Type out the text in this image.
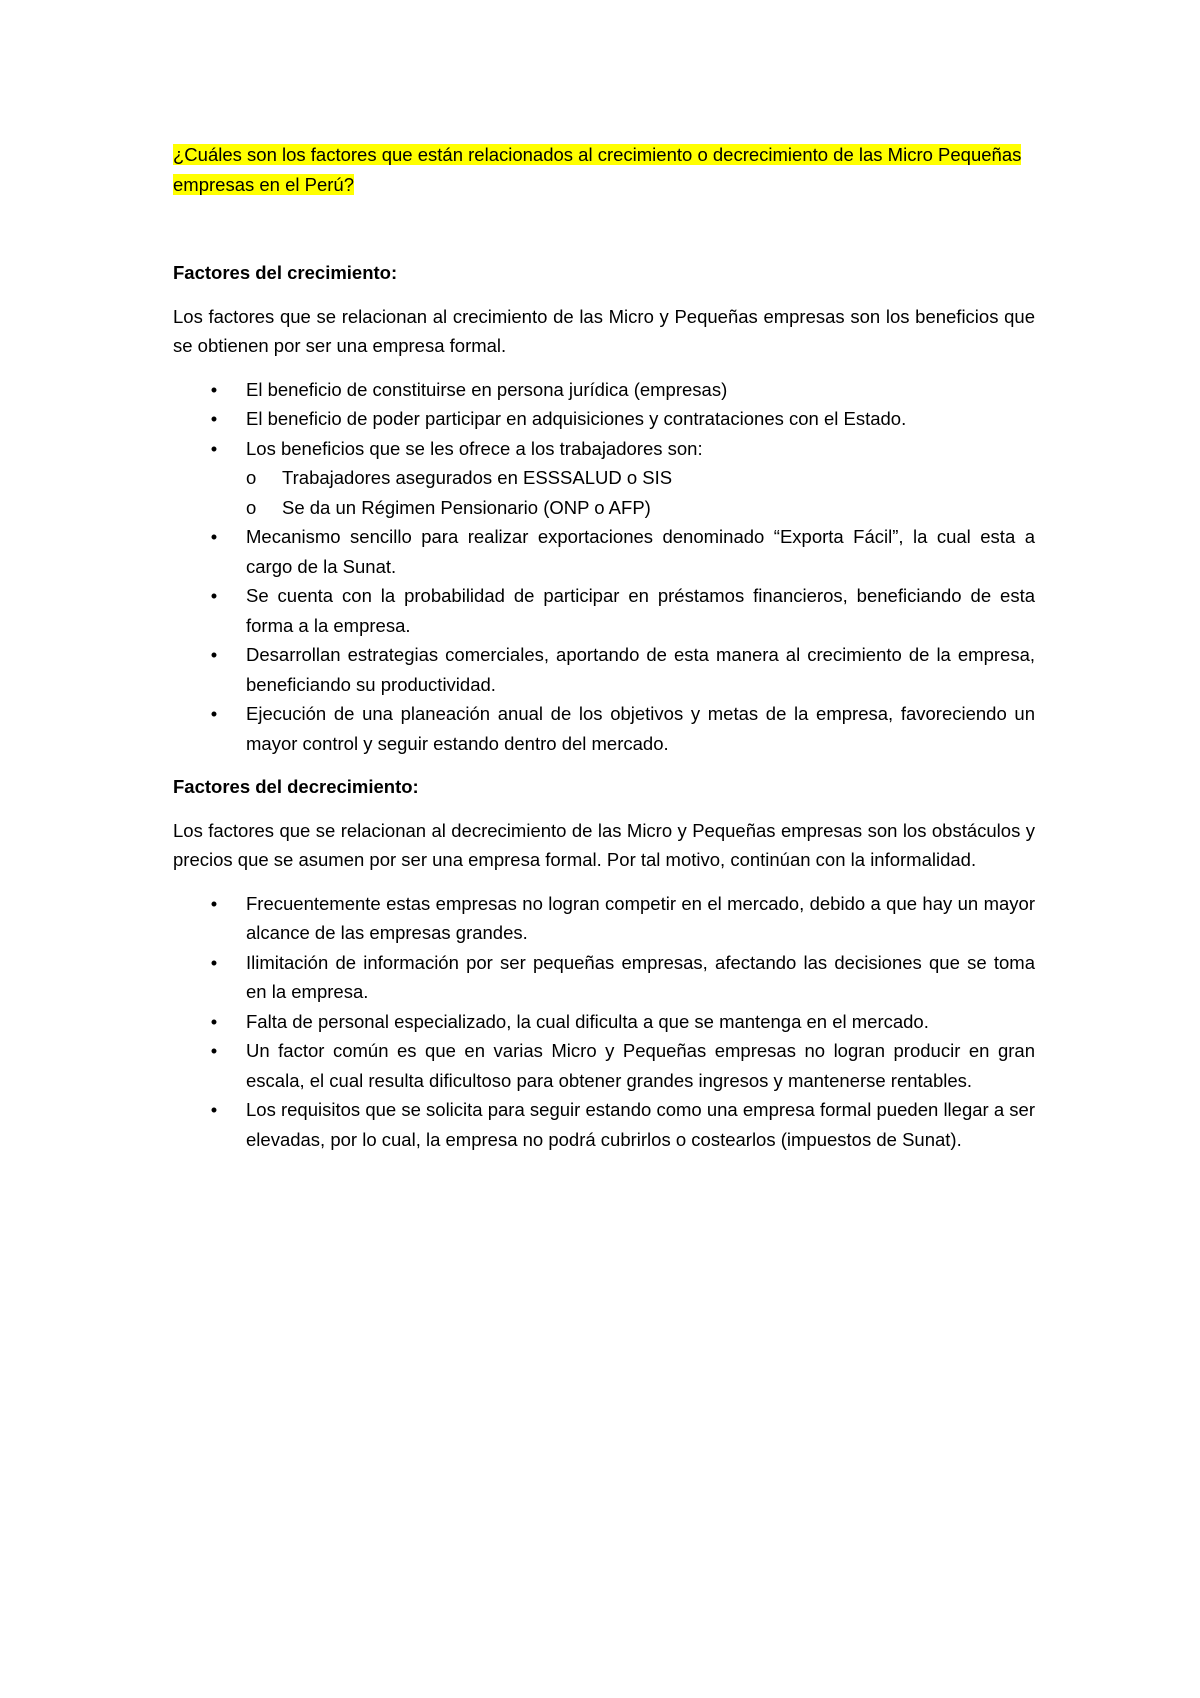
¿Cuáles son los factores que están relacionados al crecimiento o decrecimiento de las Micro Pequeñas empresas en el Perú?

Factores del crecimiento:

Los factores que se relacionan al crecimiento de las Micro y Pequeñas empresas son los beneficios que se obtienen por ser una empresa formal.

• El beneficio de constituirse en persona jurídica (empresas)
• El beneficio de poder participar en adquisiciones y contrataciones con el Estado.
• Los beneficios que se les ofrece a los trabajadores son:
o Trabajadores asegurados en ESSSALUD o SIS
o Se da un Régimen Pensionario (ONP o AFP)
• Mecanismo sencillo para realizar exportaciones denominado “Exporta Fácil”, la cual esta a cargo de la Sunat.
• Se cuenta con la probabilidad de participar en préstamos financieros, beneficiando de esta forma a la empresa.
• Desarrollan estrategias comerciales, aportando de esta manera al crecimiento de la empresa, beneficiando su productividad.
• Ejecución de una planeación anual de los objetivos y metas de la empresa, favoreciendo un mayor control y seguir estando dentro del mercado.
Factores del decrecimiento:

Los factores que se relacionan al decrecimiento de las Micro y Pequeñas empresas son los obstáculos y precios que se asumen por ser una empresa formal. Por tal motivo, continúan con la informalidad.

• Frecuentemente estas empresas no logran competir en el mercado, debido a que hay un mayor alcance de las empresas grandes.
• Ilimitación de información por ser pequeñas empresas, afectando las decisiones que se toma en la empresa.
• Falta de personal especializado, la cual dificulta a que se mantenga en el mercado.
• Un factor común es que en varias Micro y Pequeñas empresas no logran producir en gran escala, el cual resulta dificultoso para obtener grandes ingresos y mantenerse rentables.
• Los requisitos que se solicita para seguir estando como una empresa formal pueden llegar a ser elevadas, por lo cual, la empresa no podrá cubrirlos o costearlos (impuestos de Sunat).
